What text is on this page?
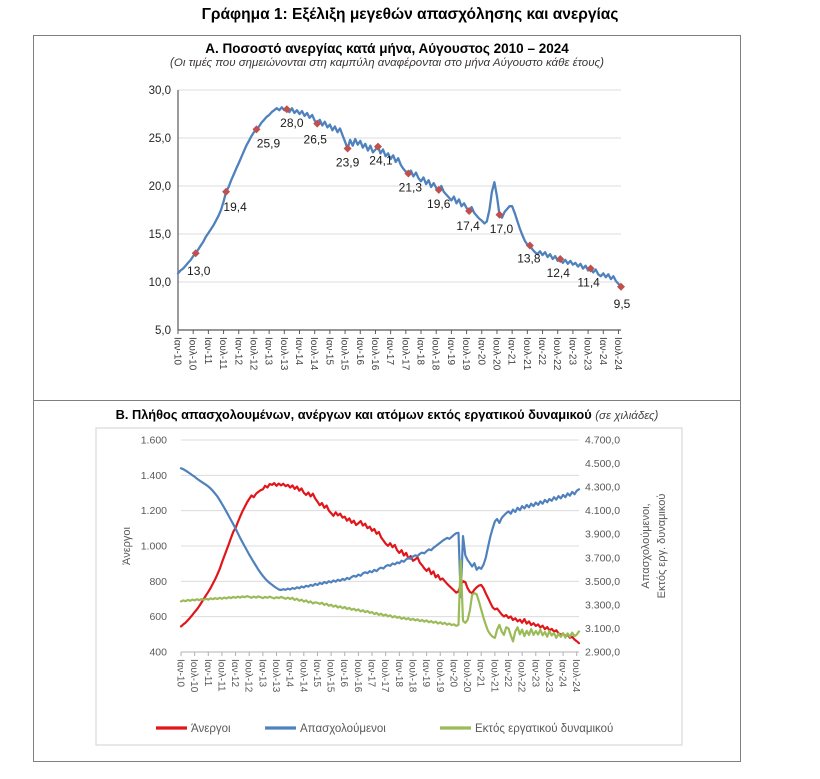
Γράφημα 1: Εξέλιξη μεγεθών απασχόλησης και ανεργίας
Α. Ποσοστό ανεργίας κατά μήνα, Αύγουστος 2010 – 2024
(Οι τιμές που σημειώνονται στη καμπύλη αναφέρονται στο μήνα Αύγουστο κάθε έτους)
30,0
25,0
20,0
15,0
10,0
5,0
Ιαν-10 Ιουλ-10 Ιαν-11 Ιουλ-11 Ιαν-12 Ιουλ-12 Ιαν-13 Ιουλ-13 Ιαν-14 Ιουλ-14 Ιαν-15 Ιουλ-15 Ιαν-16 Ιουλ-16 Ιαν-17 Ιουλ-17 Ιαν-18 Ιουλ-18 Ιαν-19 Ιουλ-19 Ιαν-20 Ιουλ-20 Ιαν-21 Ιουλ-21 Ιαν-22 Ιουλ-22 Ιαν-23 Ιουλ-23 Ιαν-24 Ιουλ-24
13,0
19,4
25,9
28,0
26,5
23,9 24,1
21,3
19,6
17,4 17,0
13,8
12,4
11,4
9,5
Β. Πλήθος απασχολουμένων, ανέργων και ατόμων εκτός εργατικού δυναμικού (σε χιλιάδες)
1.600
1.400
1.200
1.000
800
600
400
4.700,0
4.500,0
4.300,0
4.100,0
3.900,0
3.700,0
3.500,0
3.300,0
3.100,0
2.900,0
Ιαν-10 Ιουλ-10 Ιαν-11 Ιουλ-11 Ιαν-12 Ιουλ-12 Ιαν-13 Ιουλ-13 Ιαν-14 Ιουλ-14 Ιαν-15 Ιουλ-15 Ιαν-16 Ιουλ-16 Ιαν-17 Ιουλ-17 Ιαν-18 Ιουλ-18 Ιαν-19 Ιουλ-19 Ιαν-20 Ιουλ-20 Ιαν-21 Ιουλ-21 Ιαν-22 Ιουλ-22 Ιαν-23 Ιουλ-23 Ιαν-24 Ιουλ-24
Άνεργοι	Απασχολούμενοι, Εκτός εργ. δυναμικού
Άνεργοι	Απασχολούμενοι	Εκτός εργατικού δυναμικού
